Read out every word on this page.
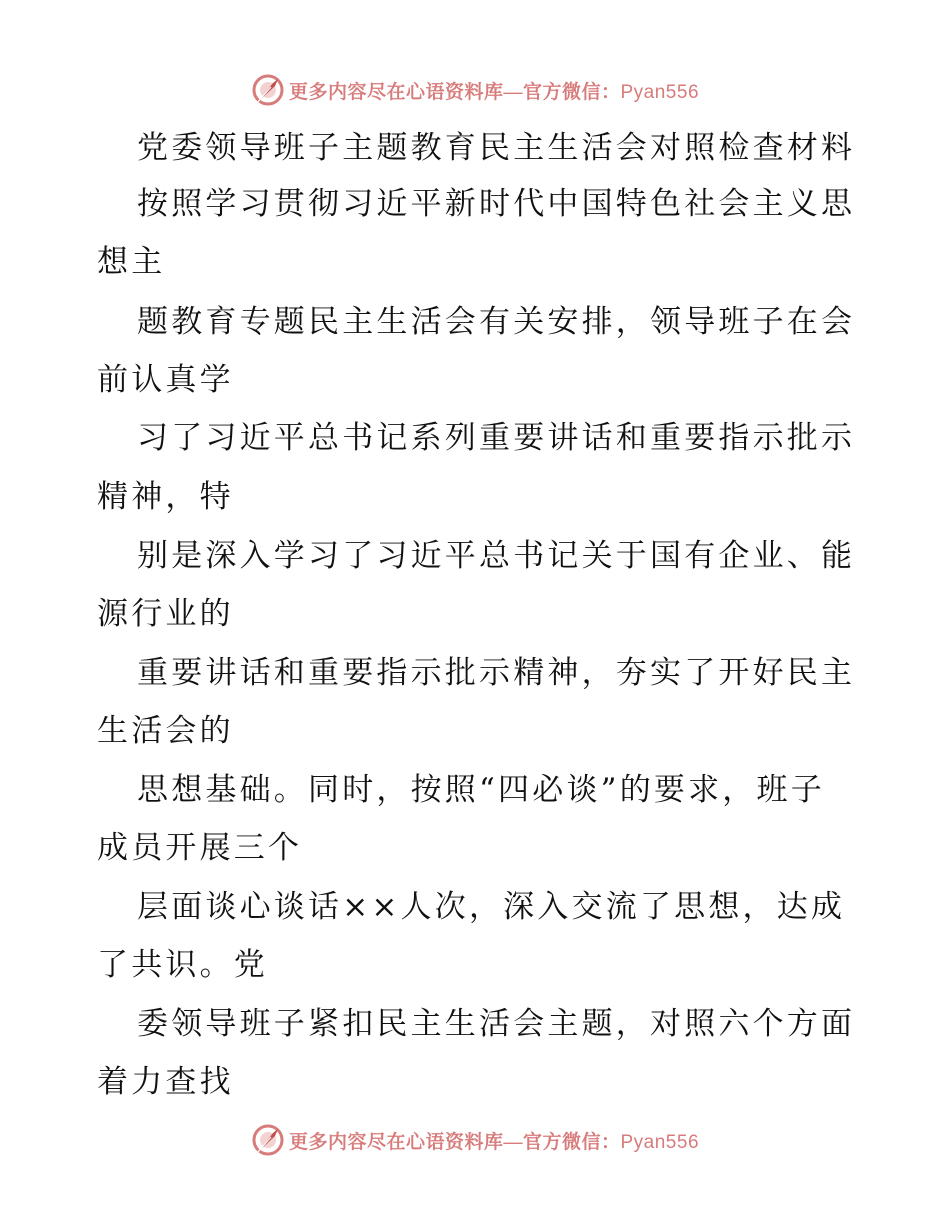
更多内容尽在心语资料库—官方微信：Pyan556
党委领导班子主题教育民主生活会对照检查材料
按照学习贯彻习近平新时代中国特色社会主义思
想主
题教育专题民主生活会有关安排，领导班子在会
前认真学
习了习近平总书记系列重要讲话和重要指示批示
精神，特
别是深入学习了习近平总书记关于国有企业、能
源行业的
重要讲话和重要指示批示精神，夯实了开好民主
生活会的
思想基础。同时，按照“四必谈”的要求，班子
成员开展三个
层面谈心谈话××人次，深入交流了思想，达成
了共识。党
委领导班子紧扣民主生活会主题，对照六个方面
着力查找
更多内容尽在心语资料库—官方微信：Pyan556
